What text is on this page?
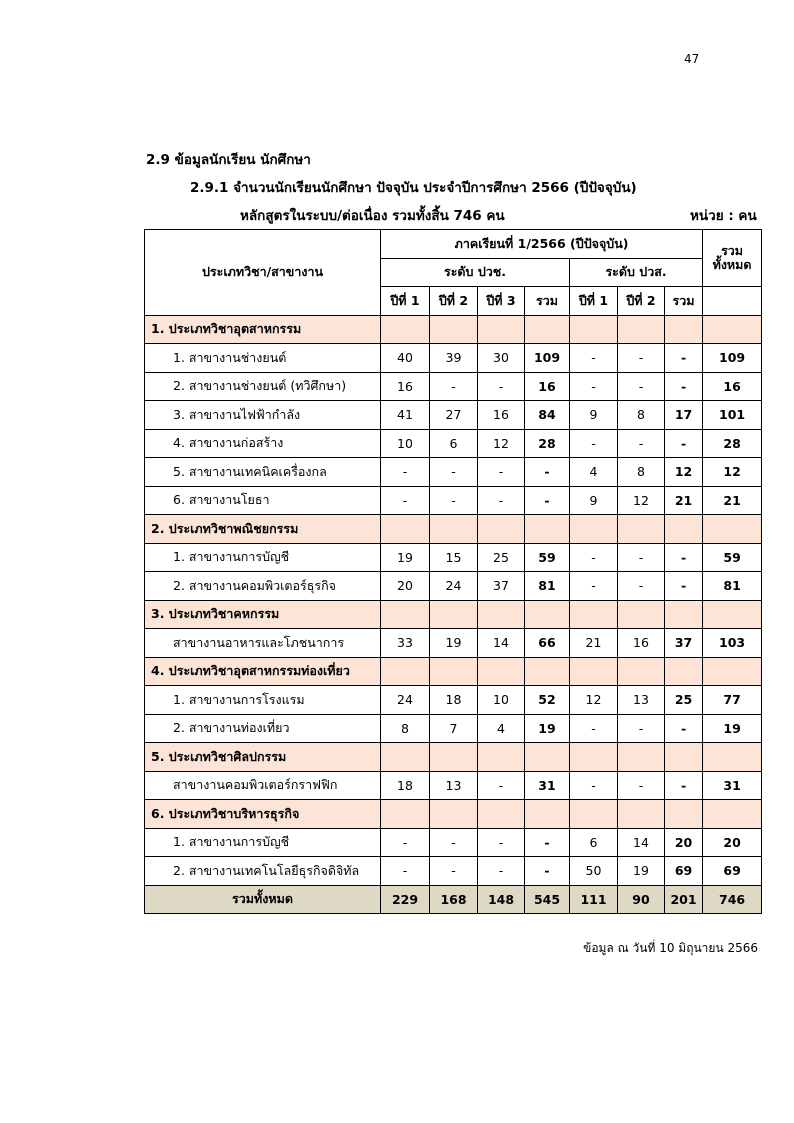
47
2.9 ข้อมูลนักเรียน นักศึกษา
2.9.1 จำนวนนักเรียนนักศึกษา ปัจจุบัน ประจำปีการศึกษา 2566 (ปีปัจจุบัน)
หลักสูตรในระบบ/ต่อเนื่อง รวมทั้งสิ้น 746 คน	หน่วย : คน
ประเภทวิชา/สาขางาน	ภาคเรียนที่ 1/2566 (ปีปัจจุบัน)							รวม
ทั้งหมด
	ระดับ ปวช.				ระดับ ปวส.			
	ปีที่ 1	ปีที่ 2	ปีที่ 3	รวม	ปีที่ 1	ปีที่ 2	รวม	
1. ประเภทวิชาอุตสาหกรรม								
1. สาขางานช่างยนต์	40	39	30	109	-	-	-	109
2. สาขางานช่างยนต์ (ทวิศึกษา)	16	-	-	16	-	-	-	16
3. สาขางานไฟฟ้ากำลัง	41	27	16	84	9	8	17	101
4. สาขางานก่อสร้าง	10	6	12	28	-	-	-	28
5. สาขางานเทคนิคเครื่องกล	-	-	-	-	4	8	12	12
6. สาขางานโยธา	-	-	-	-	9	12	21	21
2. ประเภทวิชาพณิชยกรรม								
1. สาขางานการบัญชี	19	15	25	59	-	-	-	59
2. สาขางานคอมพิวเตอร์ธุรกิจ	20	24	37	81	-	-	-	81
3. ประเภทวิชาคหกรรม								
สาขางานอาหารและโภชนาการ	33	19	14	66	21	16	37	103
4. ประเภทวิชาอุตสาหกรรมท่องเที่ยว								
1. สาขางานการโรงแรม	24	18	10	52	12	13	25	77
2. สาขางานท่องเที่ยว	8	7	4	19	-	-	-	19
5. ประเภทวิชาศิลปกรรม								
สาขางานคอมพิวเตอร์กราฟฟิก	18	13	-	31	-	-	-	31
6. ประเภทวิชาบริหารธุรกิจ								
1. สาขางานการบัญชี	-	-	-	-	6	14	20	20
2. สาขางานเทคโนโลยีธุรกิจดิจิทัล	-	-	-	-	50	19	69	69
รวมทั้งหมด	229	168	148	545	111	90	201	746
ข้อมูล ณ วันที่ 10 มิถุนายน 2566
